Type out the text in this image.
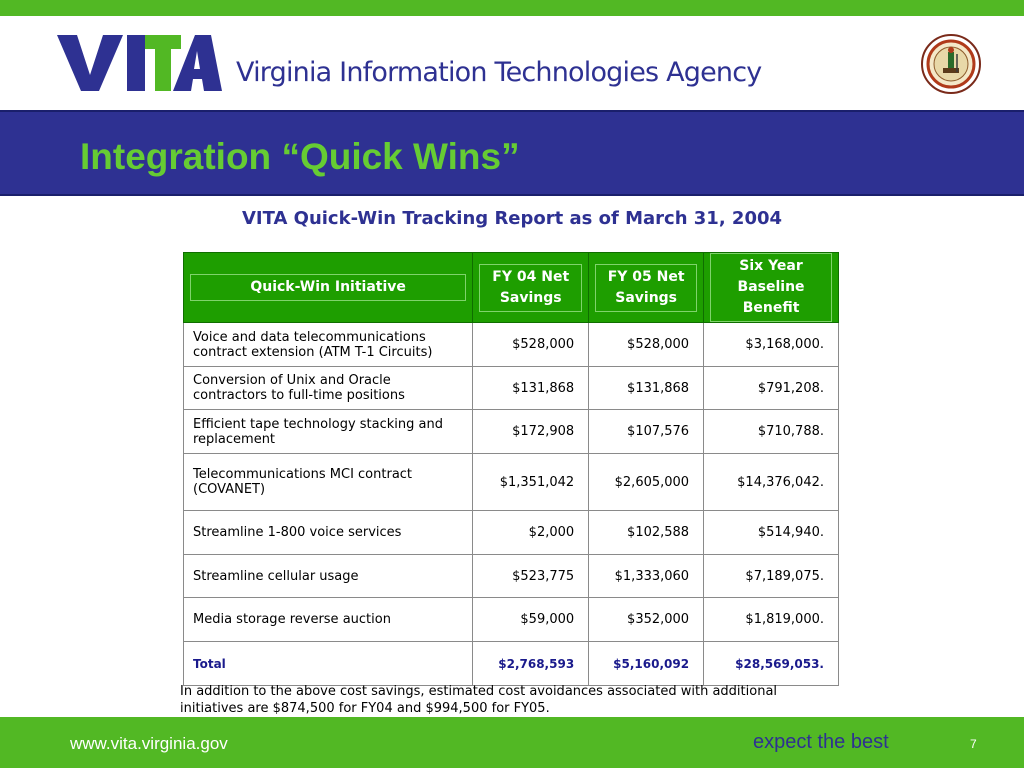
Virginia Information Technologies Agency
Integration “Quick Wins”
VITA Quick-Win Tracking Report as of March 31, 2004
Quick-Win Initiative	FY 04 Net Savings	FY 05 Net Savings	Six Year Baseline Benefit

Voice and data telecommunications contract extension (ATM T-1 Circuits)	$528,000	$528,000	$3,168,000.
Conversion of Unix and Oracle contractors to full-time positions	$131,868	$131,868	$791,208.
Efficient tape technology stacking and replacement	$172,908	$107,576	$710,788.
Telecommunications MCI contract (COVANET)	$1,351,042	$2,605,000	$14,376,042.
Streamline 1-800 voice services	$2,000	$102,588	$514,940.
Streamline cellular usage	$523,775	$1,333,060	$7,189,075.
Media storage reverse auction	$59,000	$352,000	$1,819,000.
Total	$2,768,593	$5,160,092	$28,569,053.
In addition to the above cost savings, estimated cost avoidances associated with additional initiatives are $874,500 for FY04 and $994,500 for FY05.
www.vita.virginia.gov	expect the best	7
